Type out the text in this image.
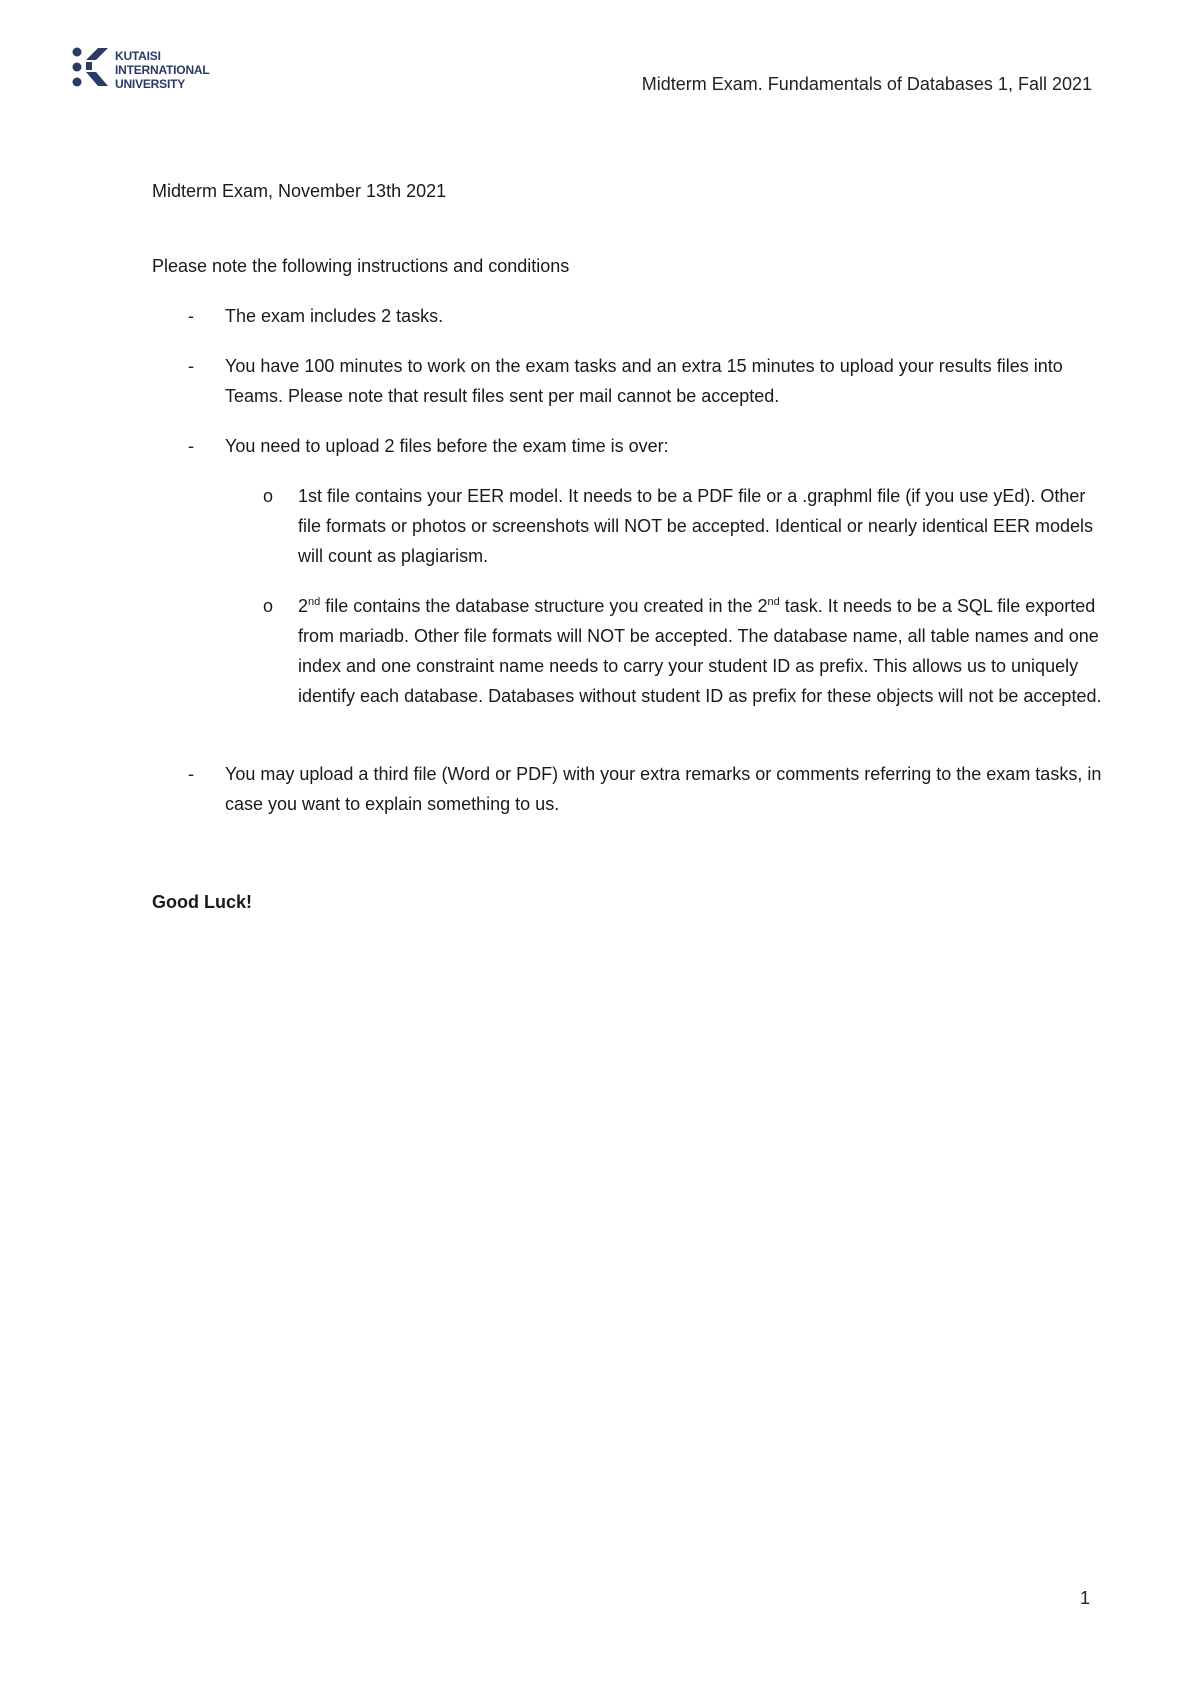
KUTAISI
INTERNATIONAL
UNIVERSITY	Midterm Exam. Fundamentals of Databases 1, Fall 2021

Midterm Exam, November 13th 2021

Please note the following instructions and conditions

- The exam includes 2 tasks.
- You have 100 minutes to work on the exam tasks and an extra 15 minutes to upload your results files into Teams. Please note that result files sent per mail cannot be accepted.
- You need to upload 2 files before the exam time is over:
o 1st file contains your EER model. It needs to be a PDF file or a .graphml file (if you use yEd). Other file formats or photos or screenshots will NOT be accepted. Identical or nearly identical EER models will count as plagiarism.
o 2nd file contains the database structure you created in the 2nd task. It needs to be a SQL file exported from mariadb. Other file formats will NOT be accepted. The database name, all table names and one index and one constraint name needs to carry your student ID as prefix. This allows us to uniquely identify each database. Databases without student ID as prefix for these objects will not be accepted.
- You may upload a third file (Word or PDF) with your extra remarks or comments referring to the exam tasks, in case you want to explain something to us.

Good Luck!

1
